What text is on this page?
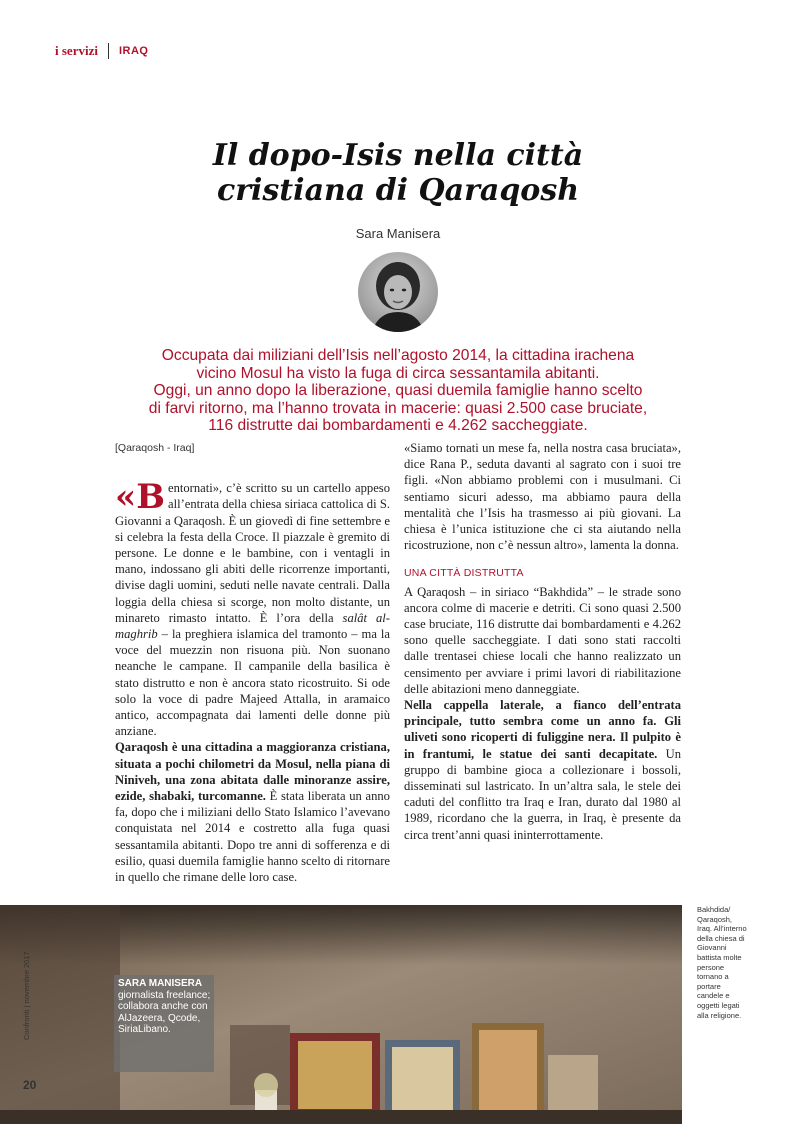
i servizi IRAQ
Il dopo-Isis nella città
cristiana di Qaraqosh
Sara Manisera

Occupata dai miliziani dell’Isis nell’agosto 2014, la cittadina irachena
vicino Mosul ha visto la fuga di circa sessantamila abitanti.
Oggi, un anno dopo la liberazione, quasi duemila famiglie hanno scelto
di farvi ritorno, ma l’hanno trovata in macerie: quasi 2.500 case bruciate,
116 distrutte dai bombardamenti e 4.262 saccheggiate.

[Qaraqosh - Iraq]

«Bentornati», c’è scritto su un cartello appeso all’entrata della chiesa siriaca cattolica di S. Giovanni a Qaraqosh. È un giovedì di fine settembre e si celebra la festa della Croce. Il piazzale è gremito di persone. Le donne e le bambine, con i ventagli in mano, indossano gli abiti delle ricorrenze importanti, divise dagli uomini, seduti nelle navate centrali. Dalla loggia della chiesa si scorge, non molto distante, un minareto rimasto intatto. È l’ora della salât al-maghrib – la preghiera islamica del tramonto – ma la voce del muezzin non risuona più. Non suonano neanche le campane. Il campanile della basilica è stato distrutto e non è ancora stato ricostruito. Si ode solo la voce di padre Majeed Attalla, in aramaico antico, accompagnata dai lamenti delle donne più anziane.

Qaraqosh è una cittadina a maggioranza cristiana, situata a pochi chilometri da Mosul, nella piana di Niniveh, una zona abitata dalle minoranze assire, ezide, shabaki, turcomanne. È stata liberata un anno fa, dopo che i miliziani dello Stato Islamico l’avevano conquistata nel 2014 e costretto alla fuga quasi sessantamila abitanti. Dopo tre anni di sofferenza e di esilio, quasi duemila famiglie hanno scelto di ritornare in quello che rimane delle loro case.

«Siamo tornati un mese fa, nella nostra casa bruciata», dice Rana P., seduta davanti al sagrato con i suoi tre figli. «Non abbiamo problemi con i musulmani. Ci sentiamo sicuri adesso, ma abbiamo paura della mentalità che l’Isis ha trasmesso ai più giovani. La chiesa è l’unica istituzione che ci sta aiutando nella ricostruzione, non c’è nessun altro», lamenta la donna.

UNA CITTÀ DISTRUTTA

A Qaraqosh – in siriaco “Bakhdida” – le strade sono ancora colme di macerie e detriti. Ci sono quasi 2.500 case bruciate, 116 distrutte dai bombardamenti e 4.262 sono quelle saccheggiate. I dati sono stati raccolti dalle trentasei chiese locali che hanno realizzato un censimento per avviare i primi lavori di riabilitazione delle abitazioni meno danneggiate.

Nella cappella laterale, a fianco dell’entrata principale, tutto sembra come un anno fa. Gli uliveti sono ricoperti di fuliggine nera. Il pulpito è in frantumi, le statue dei santi decapitate. Un gruppo di bambine gioca a collezionare i bossoli, disseminati sul lastricato. In un’altra sala, le stele dei caduti del conflitto tra Iraq e Iran, durato dal 1980 al 1989, ricordano che la guerra, in Iraq, è presente da circa trent’anni quasi ininterrottamente.

Bakhdida/ Qaraqosh, Iraq. All’interno della chiesa di Giovanni battista molte persone tornano a portare candele e oggetti legati alla religione.
SARA MANISERA
giornalista freelance; collabora anche con AlJazeera, Qcode, SiriaLibano.
Confronti | novembre 2017
20
